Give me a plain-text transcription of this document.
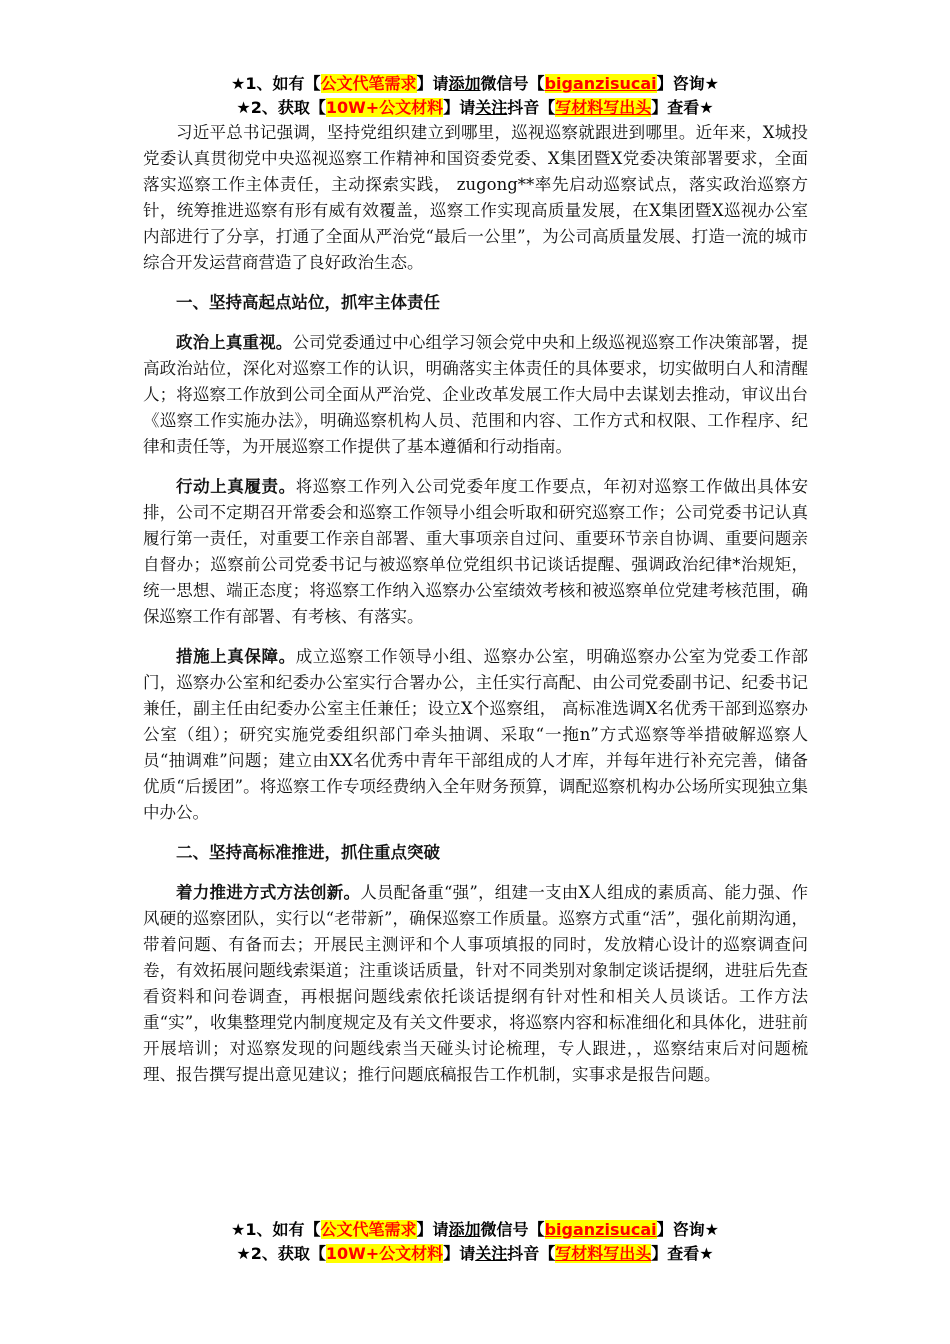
★1、如有【公文代笔需求】请添加微信号【biganzisucai】咨询★
★2、获取【10W+公文材料】请关注抖音【写材料写出头】查看★

习近平总书记强调，坚持党组织建立到哪里，巡视巡察就跟进到哪里。近年来，X城投党委认真贯彻党中央巡视巡察工作精神和国资委党委、X集团暨X党委决策部署要求，全面落实巡察工作主体责任，主动探索实践， zugong**率先启动巡察试点，落实政治巡察方针，统筹推进巡察有形有威有效覆盖，巡察工作实现高质量发展，在X集团暨X巡视办公室内部进行了分享，打通了全面从严治党“最后一公里”，为公司高质量发展、打造一流的城市综合开发运营商营造了良好政治生态。

一、坚持高起点站位，抓牢主体责任

政治上真重视。公司党委通过中心组学习领会党中央和上级巡视巡察工作决策部署，提高政治站位，深化对巡察工作的认识，明确落实主体责任的具体要求，切实做明白人和清醒人；将巡察工作放到公司全面从严治党、企业改革发展工作大局中去谋划去推动，审议出台《巡察工作实施办法》，明确巡察机构人员、范围和内容、工作方式和权限、工作程序、纪律和责任等，为开展巡察工作提供了基本遵循和行动指南。

行动上真履责。将巡察工作列入公司党委年度工作要点，年初对巡察工作做出具体安排，公司不定期召开常委会和巡察工作领导小组会听取和研究巡察工作；公司党委书记认真履行第一责任，对重要工作亲自部署、重大事项亲自过问、重要环节亲自协调、重要问题亲自督办；巡察前公司党委书记与被巡察单位党组织书记谈话提醒、强调政治纪律*治规矩，统一思想、端正态度；将巡察工作纳入巡察办公室绩效考核和被巡察单位党建考核范围，确保巡察工作有部署、有考核、有落实。

措施上真保障。成立巡察工作领导小组、巡察办公室，明确巡察办公室为党委工作部门，巡察办公室和纪委办公室实行合署办公，主任实行高配、由公司党委副书记、纪委书记兼任，副主任由纪委办公室主任兼任；设立X个巡察组， 高标准选调X名优秀干部到巡察办公室（组）；研究实施党委组织部门牵头抽调、采取“一拖n”方式巡察等举措破解巡察人员“抽调难”问题；建立由XX名优秀中青年干部组成的人才库，并每年进行补充完善，储备优质“后援团”。将巡察工作专项经费纳入全年财务预算，调配巡察机构办公场所实现独立集中办公。

二、坚持高标准推进，抓住重点突破

着力推进方式方法创新。人员配备重“强”，组建一支由X人组成的素质高、能力强、作风硬的巡察团队，实行以“老带新”，确保巡察工作质量。巡察方式重“活”，强化前期沟通，带着问题、有备而去；开展民主测评和个人事项填报的同时，发放精心设计的巡察调查问卷，有效拓展问题线索渠道；注重谈话质量，针对不同类别对象制定谈话提纲，进驻后先查看资料和问卷调查，再根据问题线索依托谈话提纲有针对性和相关人员谈话。工作方法重“实”，收集整理党内制度规定及有关文件要求，将巡察内容和标准细化和具体化，进驻前开展培训；对巡察发现的问题线索当天碰头讨论梳理，专人跟进，，巡察结束后对问题梳理、报告撰写提出意见建议；推行问题底稿报告工作机制，实事求是报告问题。

★1、如有【公文代笔需求】请添加微信号【biganzisucai】咨询★
★2、获取【10W+公文材料】请关注抖音【写材料写出头】查看★
